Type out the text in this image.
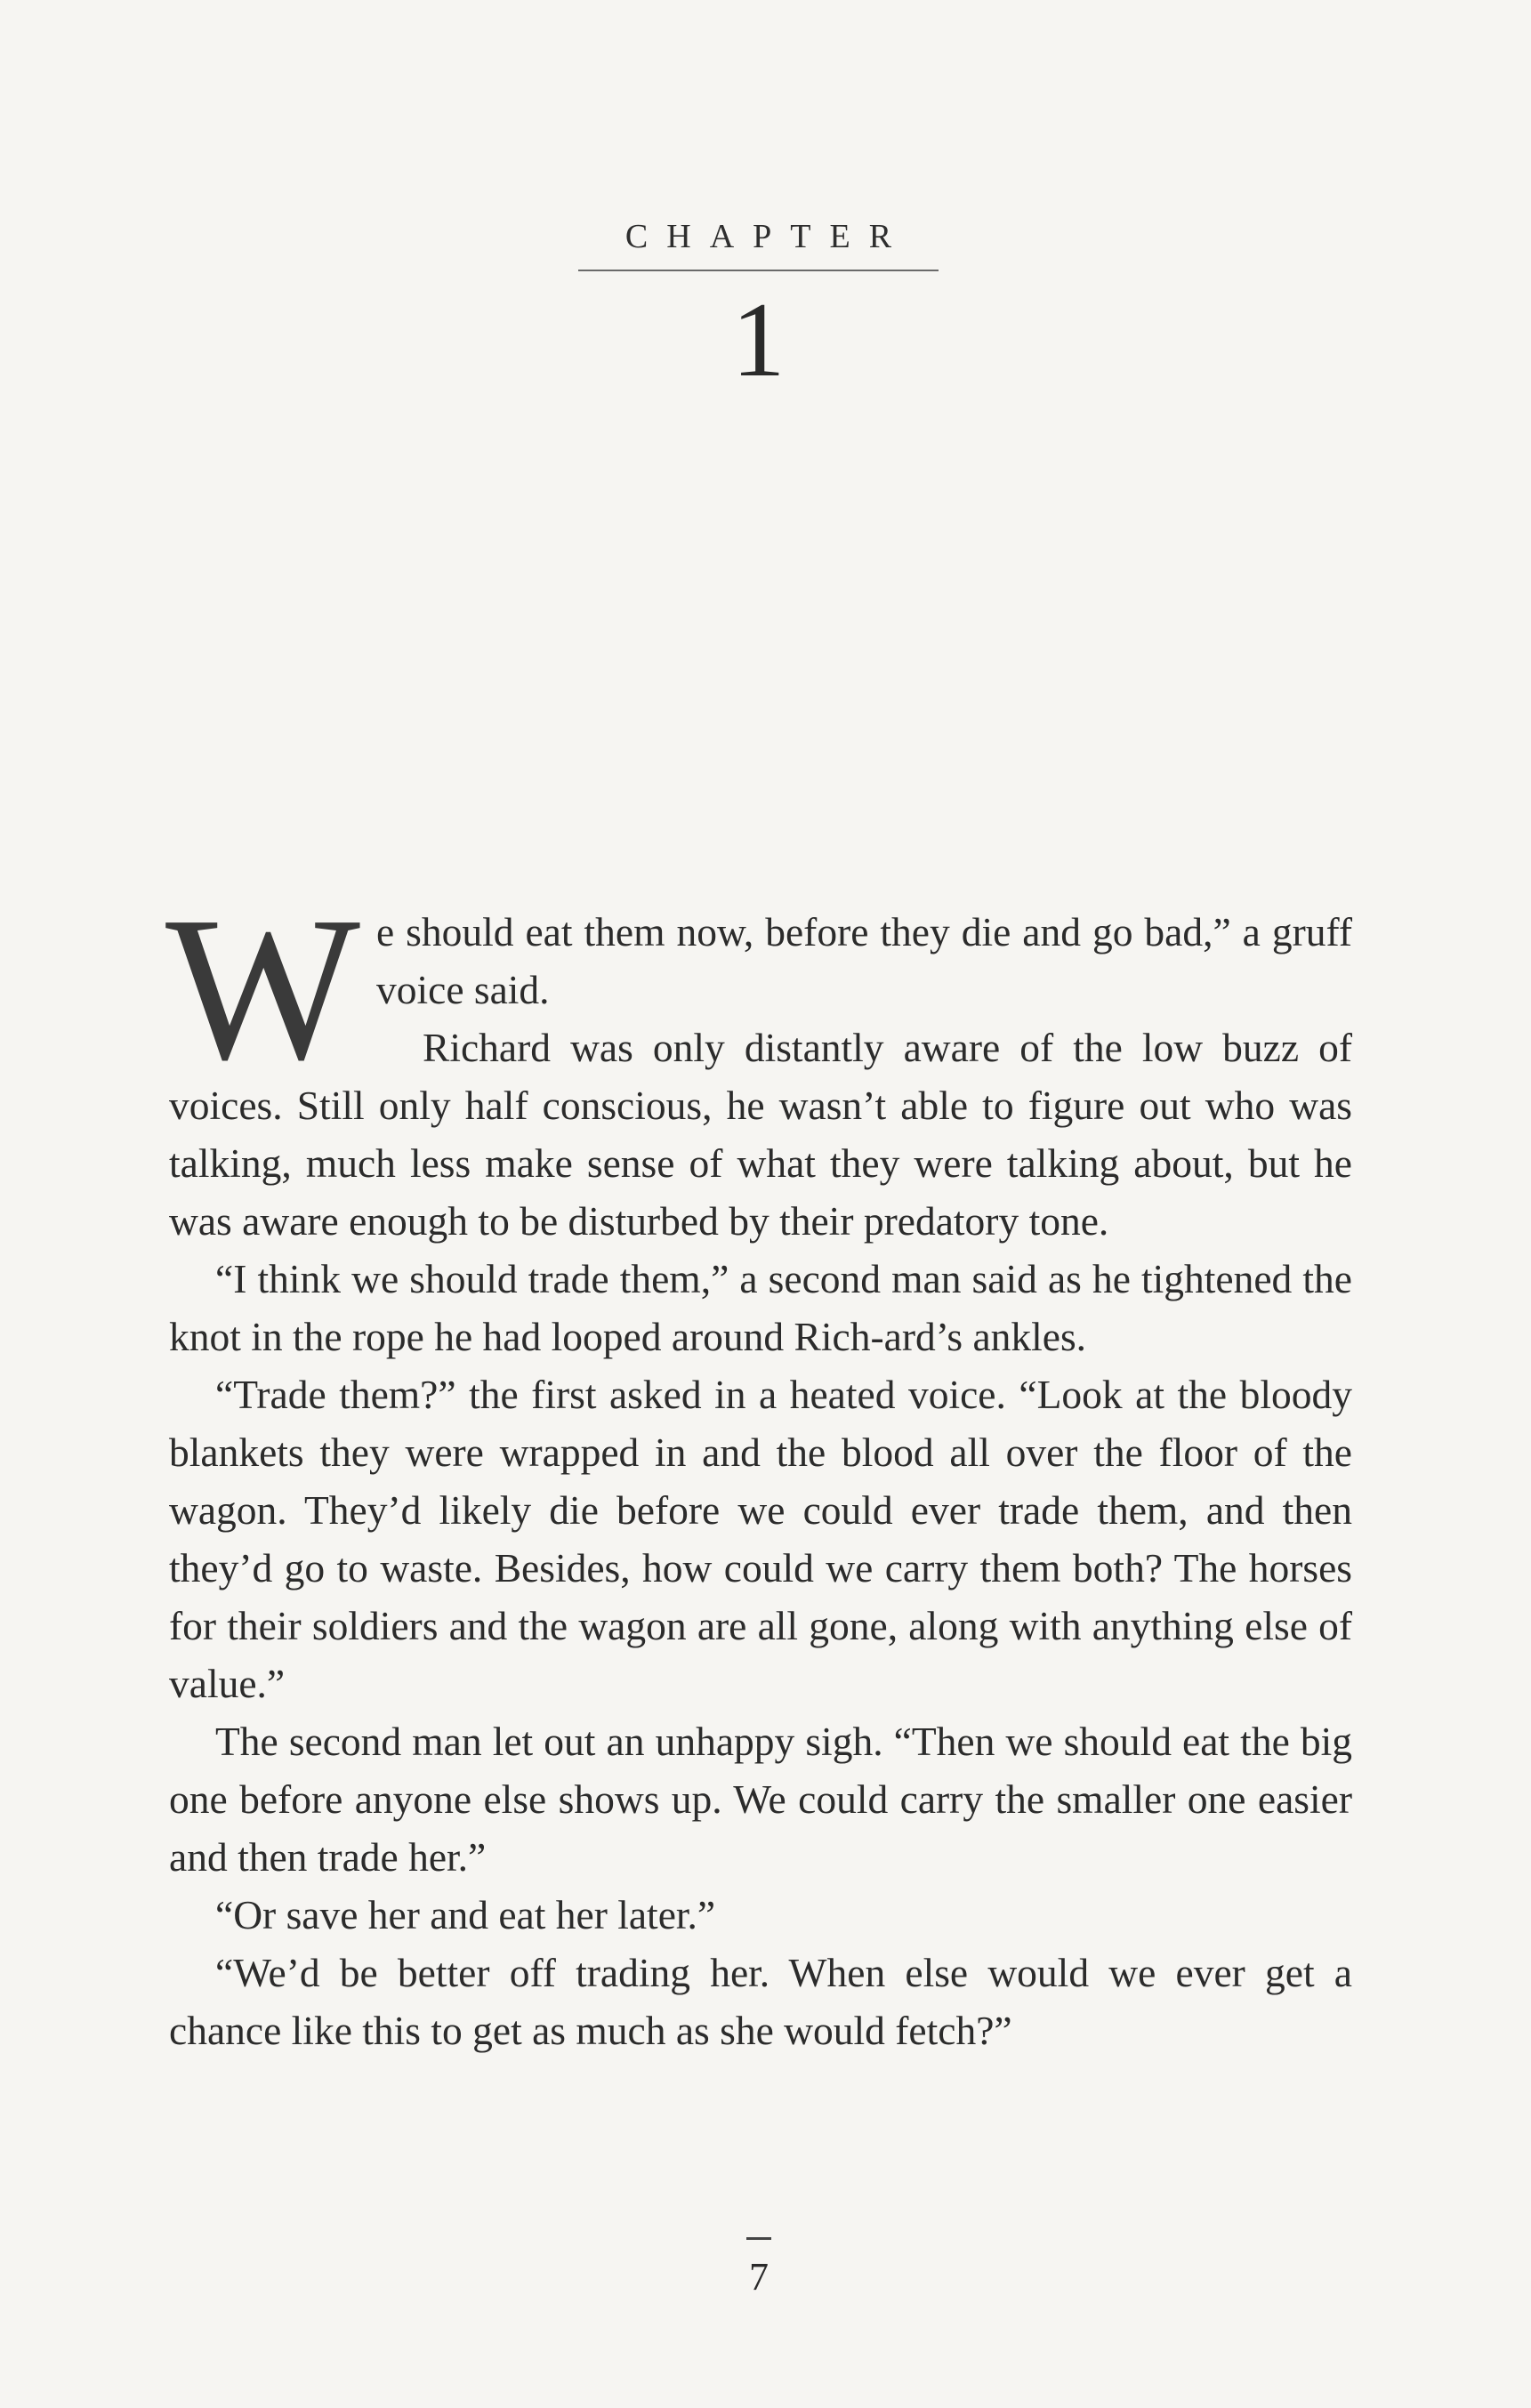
CHAPTER
1

We should eat them now, before they die and go bad,” a gruff voice said.

Richard was only distantly aware of the low buzz of voices. Still only half conscious, he wasn’t able to figure out who was talking, much less make sense of what they were talking about, but he was aware enough to be disturbed by their predatory tone.

“I think we should trade them,” a second man said as he tightened the knot in the rope he had looped around Rich-ard’s ankles.

“Trade them?” the first asked in a heated voice. “Look at the bloody blankets they were wrapped in and the blood all over the floor of the wagon. They’d likely die before we could ever trade them, and then they’d go to waste. Besides, how could we carry them both? The horses for their soldiers and the wagon are all gone, along with anything else of value.”

The second man let out an unhappy sigh. “Then we should eat the big one before anyone else shows up. We could carry the smaller one easier and then trade her.”

“Or save her and eat her later.”

“We’d be better off trading her. When else would we ever get a chance like this to get as much as she would fetch?”

7
